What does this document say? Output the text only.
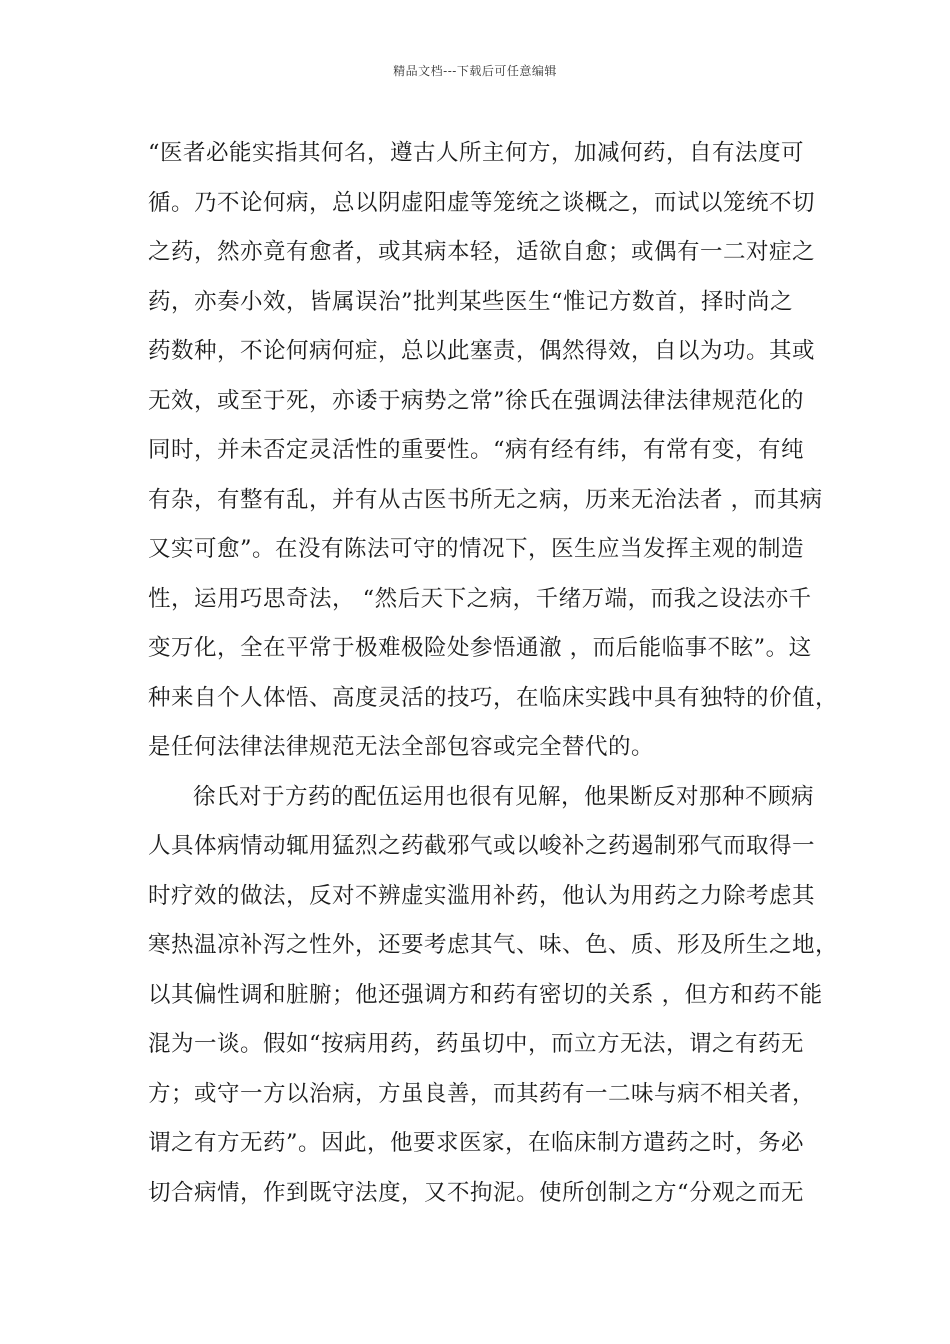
精品文档---下载后可任意编辑
“医者必能实指其何名，遵古人所主何方，加减何药，自有法度可
循。乃不论何病，总以阴虚阳虚等笼统之谈概之，而试以笼统不切
之药，然亦竟有愈者，或其病本轻，适欲自愈；或偶有一二对症之
药，亦奏小效，皆属误治”批判某些医生“惟记方数首，择时尚之
药数种，不论何病何症，总以此塞责，偶然得效，自以为功。其或
无效，或至于死，亦诿于病势之常”徐氏在强调法律法律规范化的
同时，并未否定灵活性的重要性。“病有经有纬，有常有变，有纯
有杂，有整有乱，并有从古医书所无之病，历来无治法者 ，而其病
又实可愈”。在没有陈法可守的情况下，医生应当发挥主观的制造
性，运用巧思奇法， “然后天下之病，千绪万端，而我之设法亦千
变万化，全在平常于极难极险处参悟通澈 ，而后能临事不眩”。这
种来自个人体悟、高度灵活的技巧，在临床实践中具有独特的价值，
是任何法律法律规范无法全部包容或完全替代的。
徐氏对于方药的配伍运用也很有见解，他果断反对那种不顾病
人具体病情动辄用猛烈之药截邪气或以峻补之药遏制邪气而取得一
时疗效的做法，反对不辨虚实滥用补药，他认为用药之力除考虑其
寒热温凉补泻之性外，还要考虑其气、味、色、质、形及所生之地，
以其偏性调和脏腑；他还强调方和药有密切的关系 ，但方和药不能
混为一谈。假如“按病用药，药虽切中，而立方无法，谓之有药无
方；或守一方以治病，方虽良善，而其药有一二味与病不相关者，
谓之有方无药”。因此，他要求医家，在临床制方遣药之时，务必
切合病情，作到既守法度，又不拘泥。使所创制之方“分观之而无
